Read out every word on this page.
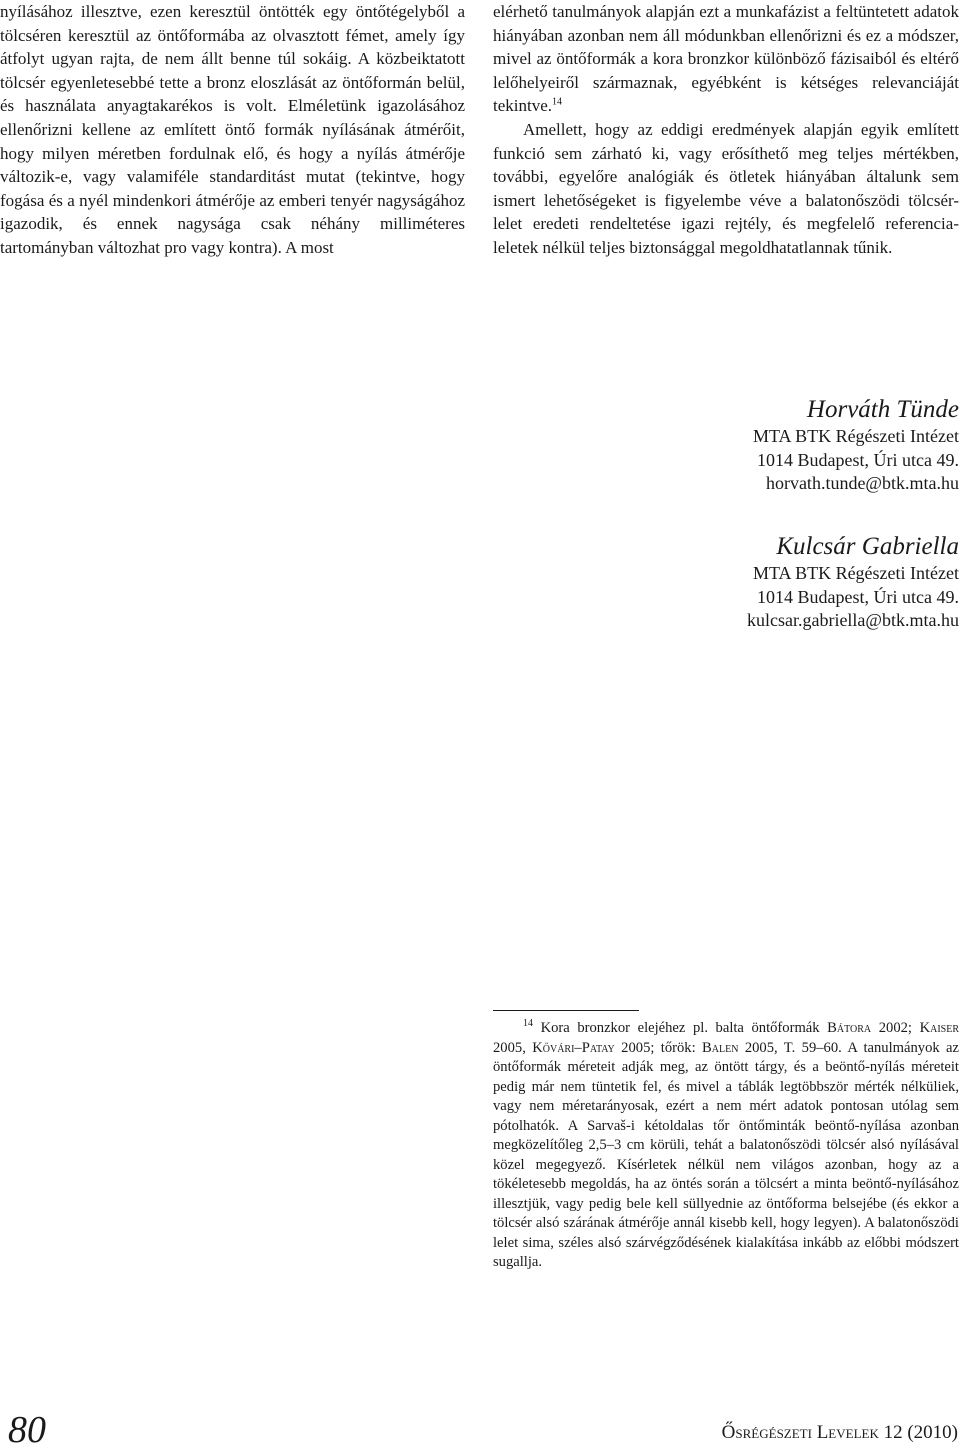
nyílásához illesztve, ezen keresztül öntötték egy öntőtégelyből a tölcséren keresztül az öntőformába az olvasztott fémet, amely így átfolyt ugyan rajta, de nem állt benne túl sokáig. A közbeiktatott tölcsér egyenletesebbé tette a bronz eloszlását az öntőformán belül, és használata anyagtakarékos is volt. Elméletünk igazolásához ellenőrizni kellene az említett öntő formák nyílásának átmérőit, hogy milyen méretben fordulnak elő, és hogy a nyílás átmérője változik-e, vagy valamiféle standarditást mutat (tekintve, hogy fogása és a nyél mindenkori átmérője az emberi tenyér nagyságához igazodik, és ennek nagysága csak néhány milliméteres tartományban változhat pro vagy kontra). A most

elérhető tanulmányok alapján ezt a munkafázist a feltüntetett adatok hiányában azonban nem áll módunkban ellenőrizni és ez a módszer, mivel az öntőformák a kora bronzkor különböző fázisaiból és eltérő lelőhelyeiről származnak, egyébként is kétséges relevanciáját tekintve.$^{14}$

Amellett, hogy az eddigi eredmények alapján egyik említett funkció sem zárható ki, vagy erősíthető meg teljes mértékben, további, egyelőre analógiák és ötletek hiányában általunk sem ismert lehetőségeket is figyelembe véve a balatonőszödi tölcsér-lelet eredeti rendeltetése igazi rejtély, és megfelelő referencia-leletek nélkül teljes biztonsággal megoldhatatlannak tűnik.

Horváth Tünde
MTA BTK Régészeti Intézet
1014 Budapest, Úri utca 49.
horvath.tunde@btk.mta.hu
Kulcsár Gabriella
MTA BTK Régészeti Intézet
1014 Budapest, Úri utca 49.
kulcsar.gabriella@btk.mta.hu

$^{14}$ Kora bronzkor elejéhez pl. balta öntőformák Bátora 2002; Kaiser 2005, Kővári–Patay 2005; tőrök: Balen 2005, T. 59–60. A tanulmányok az öntőformák méreteit adják meg, az öntött tárgy, és a beöntő-nyílás méreteit pedig már nem tüntetik fel, és mivel a táblák legtöbbször mérték nélküliek, vagy nem méretarányosak, ezért a nem mért adatok pontosan utólag sem pótolhatók. A Sarvaš-i kétoldalas tőr öntőminták beöntő-nyílása azonban megközelítőleg 2,5–3 cm körüli, tehát a balatonőszödi tölcsér alsó nyílásával közel megegyező. Kísérletek nélkül nem világos azonban, hogy az a tökéletesebb megoldás, ha az öntés során a tölcsért a minta beöntő-nyílásához illesztjük, vagy pedig bele kell süllyednie az öntőforma belsejébe (és ekkor a tölcsér alsó szárának átmérője annál kisebb kell, hogy legyen). A balatonőszödi lelet sima, széles alsó szárvégződésének kialakítása inkább az előbbi módszert sugallja.

80	Ősrégészeti Levelek 12 (2010)
